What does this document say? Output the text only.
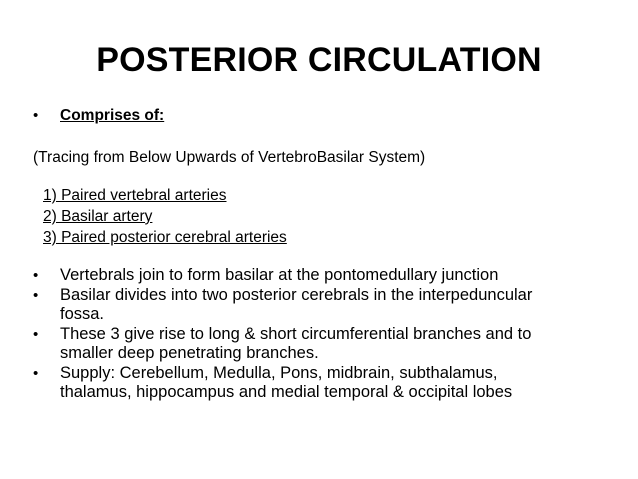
POSTERIOR CIRCULATION
•	Comprises of:
(Tracing from Below Upwards of VertebroBasilar System)
1) Paired vertebral arteries
2) Basilar artery
3) Paired posterior cerebral arteries
•	Vertebrals join to form basilar at the pontomedullary junction
•	Basilar divides into two posterior cerebrals in the interpeduncular fossa.
•	These 3 give rise to long & short circumferential branches and to smaller deep penetrating branches.
•	Supply: Cerebellum, Medulla, Pons, midbrain, subthalamus, thalamus, hippocampus and medial temporal & occipital lobes
